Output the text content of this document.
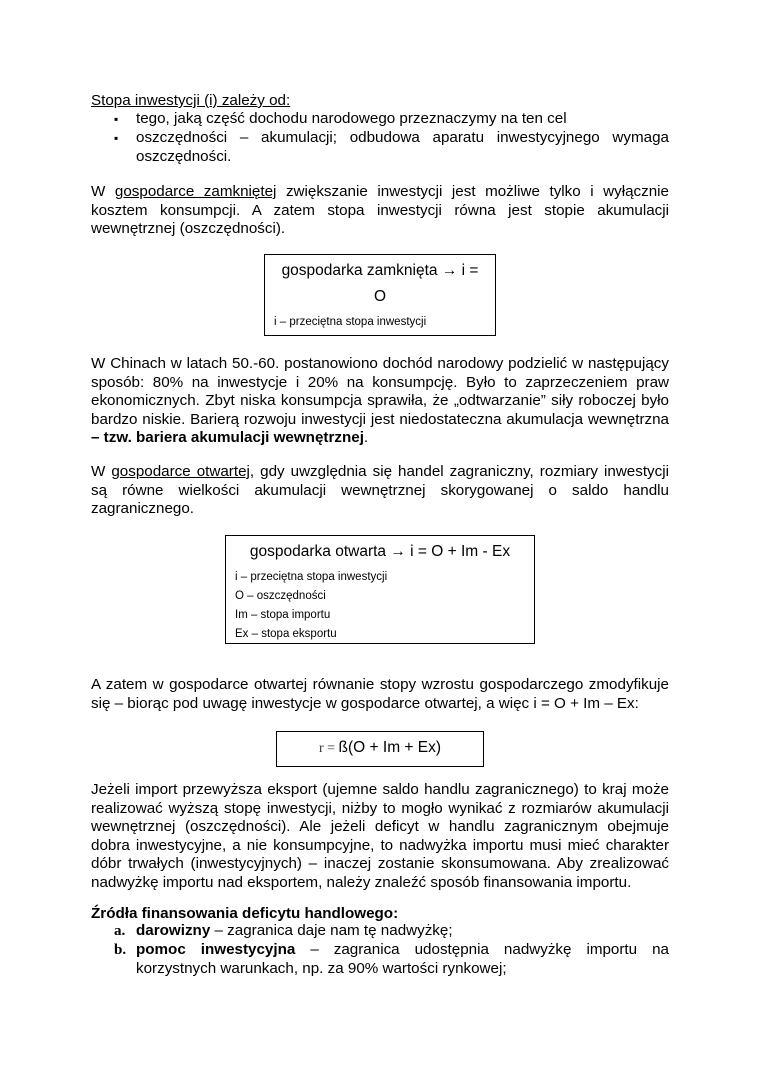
Stopa inwestycji (i) zależy od:
▪	tego, jaką część dochodu narodowego przeznaczymy na ten cel
▪	oszczędności – akumulacji; odbudowa aparatu inwestycyjnego wymaga oszczędności.

W gospodarce zamkniętej zwiększanie inwestycji jest możliwe tylko i wyłącznie kosztem konsumpcji. A zatem stopa inwestycji równa jest stopie akumulacji wewnętrznej (oszczędności).

gospodarka zamknięta → i =
O
i – przeciętna stopa inwestycji

W Chinach w latach 50.-60. postanowiono dochód narodowy podzielić w następujący sposób: 80% na inwestycje i 20% na konsumpcję. Było to zaprzeczeniem praw ekonomicznych. Zbyt niska konsumpcja sprawiła, że „odtwarzanie” siły roboczej było bardzo niskie. Barierą rozwoju inwestycji jest niedostateczna akumulacja wewnętrzna – tzw. bariera akumulacji wewnętrznej.

W gospodarce otwartej, gdy uwzględnia się handel zagraniczny, rozmiary inwestycji są równe wielkości akumulacji wewnętrznej skorygowanej o saldo handlu zagranicznego.

gospodarka otwarta → i = O + Im - Ex
i – przeciętna stopa inwestycji
O – oszczędności
Im – stopa importu
Ex – stopa eksportu

A zatem w gospodarce otwartej równanie stopy wzrostu gospodarczego zmodyfikuje się – biorąc pod uwagę inwestycje w gospodarce otwartej, a więc i = O + Im – Ex:

r = ß(O + Im + Ex)

Jeżeli import przewyższa eksport (ujemne saldo handlu zagranicznego) to kraj może realizować wyższą stopę inwestycji, niżby to mogło wynikać z rozmiarów akumulacji wewnętrznej (oszczędności). Ale jeżeli deficyt w handlu zagranicznym obejmuje dobra inwestycyjne, a nie konsumpcyjne, to nadwyżka importu musi mieć charakter dóbr trwałych (inwestycyjnych) – inaczej zostanie skonsumowana. Aby zrealizować nadwyżkę importu nad eksportem, należy znaleźć sposób finansowania importu.

Źródła finansowania deficytu handlowego:
a. darowizny – zagranica daje nam tę nadwyżkę;
b. pomoc inwestycyjna – zagranica udostępnia nadwyżkę importu na korzystnych warunkach, np. za 90% wartości rynkowej;
